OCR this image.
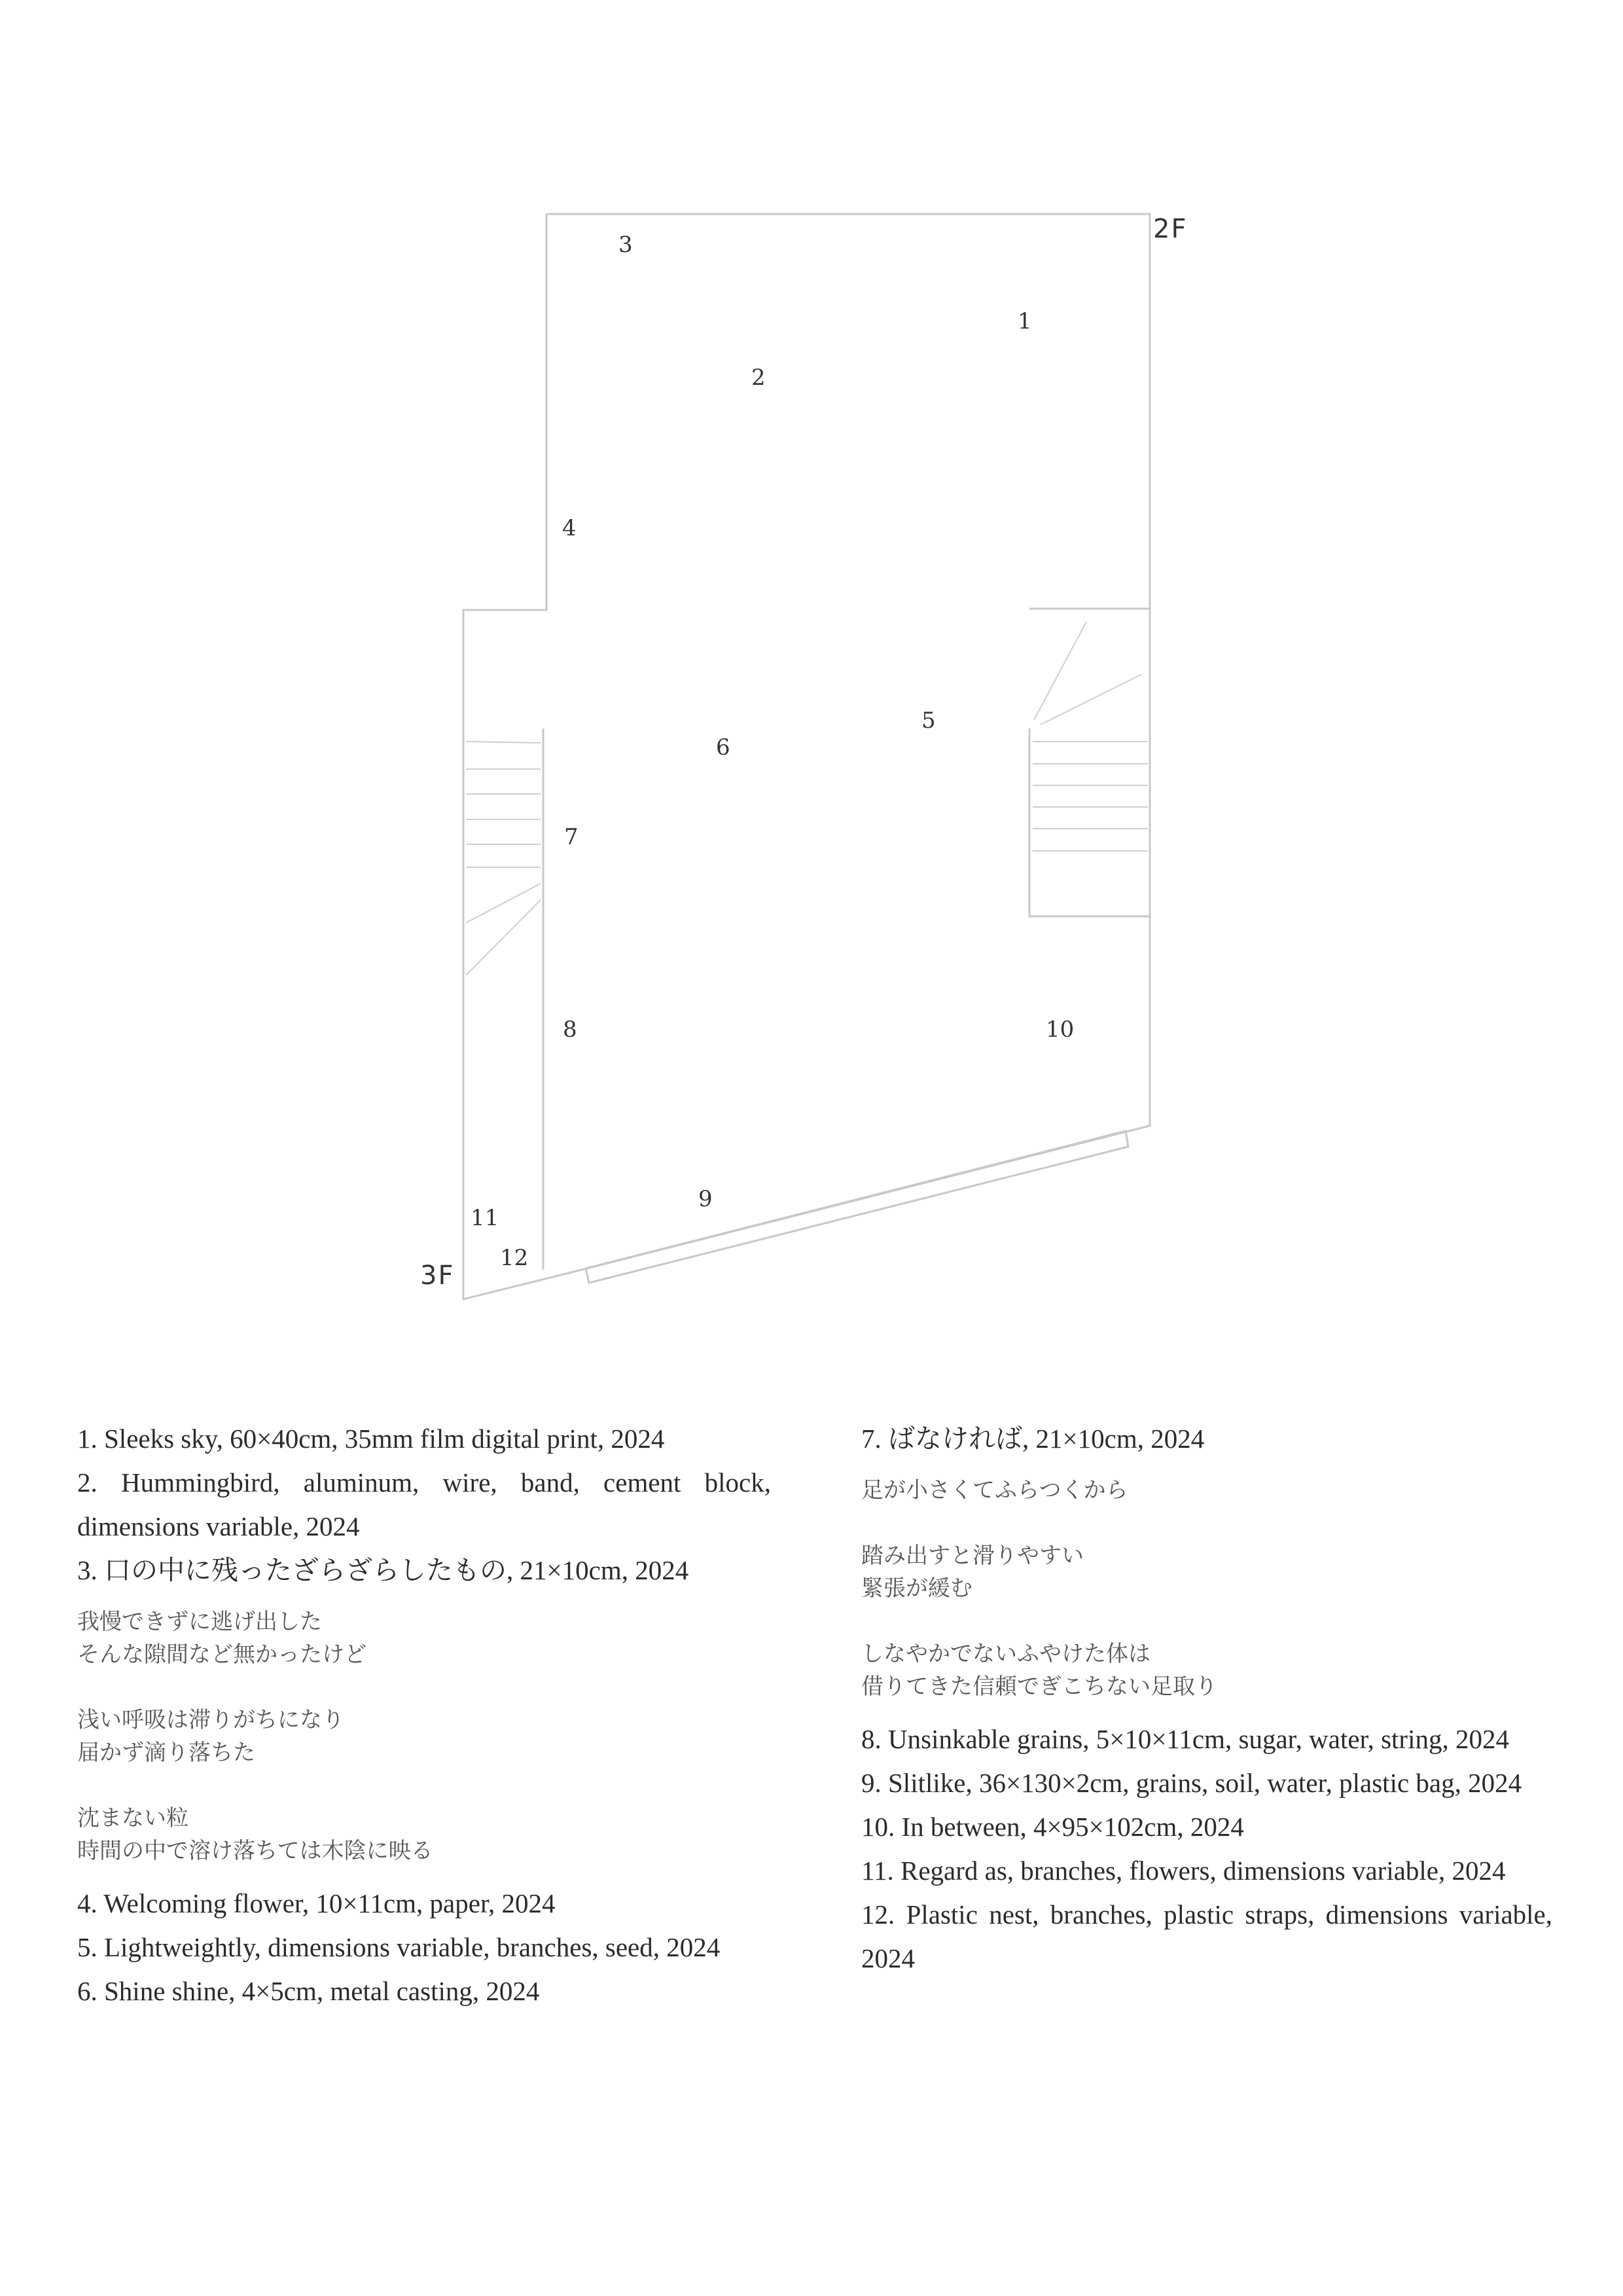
2F
3F
1
2
3
4
5
6
7
8
9
10
11
12

1. Sleeks sky, 60×40cm, 35mm film digital print, 2024

2. Hummingbird, aluminum, wire, band, cement block, dimensions variable, 2024

3. 口の中に残ったざらざらしたもの, 21×10cm, 2024

我慢できずに逃げ出した
そんな隙間など無かったけど
浅い呼吸は滞りがちになり
届かず滴り落ちた
沈まない粒
時間の中で溶け落ちては木陰に映る

4. Welcoming flower, 10×11cm, paper, 2024

5. Lightweightly, dimensions variable, branches, seed, 2024

6. Shine shine, 4×5cm, metal casting, 2024

7. ばなければ, 21×10cm, 2024

足が小さくてふらつくから
踏み出すと滑りやすい
緊張が緩む
しなやかでないふやけた体は
借りてきた信頼でぎこちない足取り

8. Unsinkable grains, 5×10×11cm, sugar, water, string, 2024

9. Slitlike, 36×130×2cm, grains, soil, water, plastic bag, 2024

10. In between, 4×95×102cm, 2024

11. Regard as, branches, flowers, dimensions variable, 2024

12. Plastic nest, branches, plastic straps, dimensions variable, 2024
